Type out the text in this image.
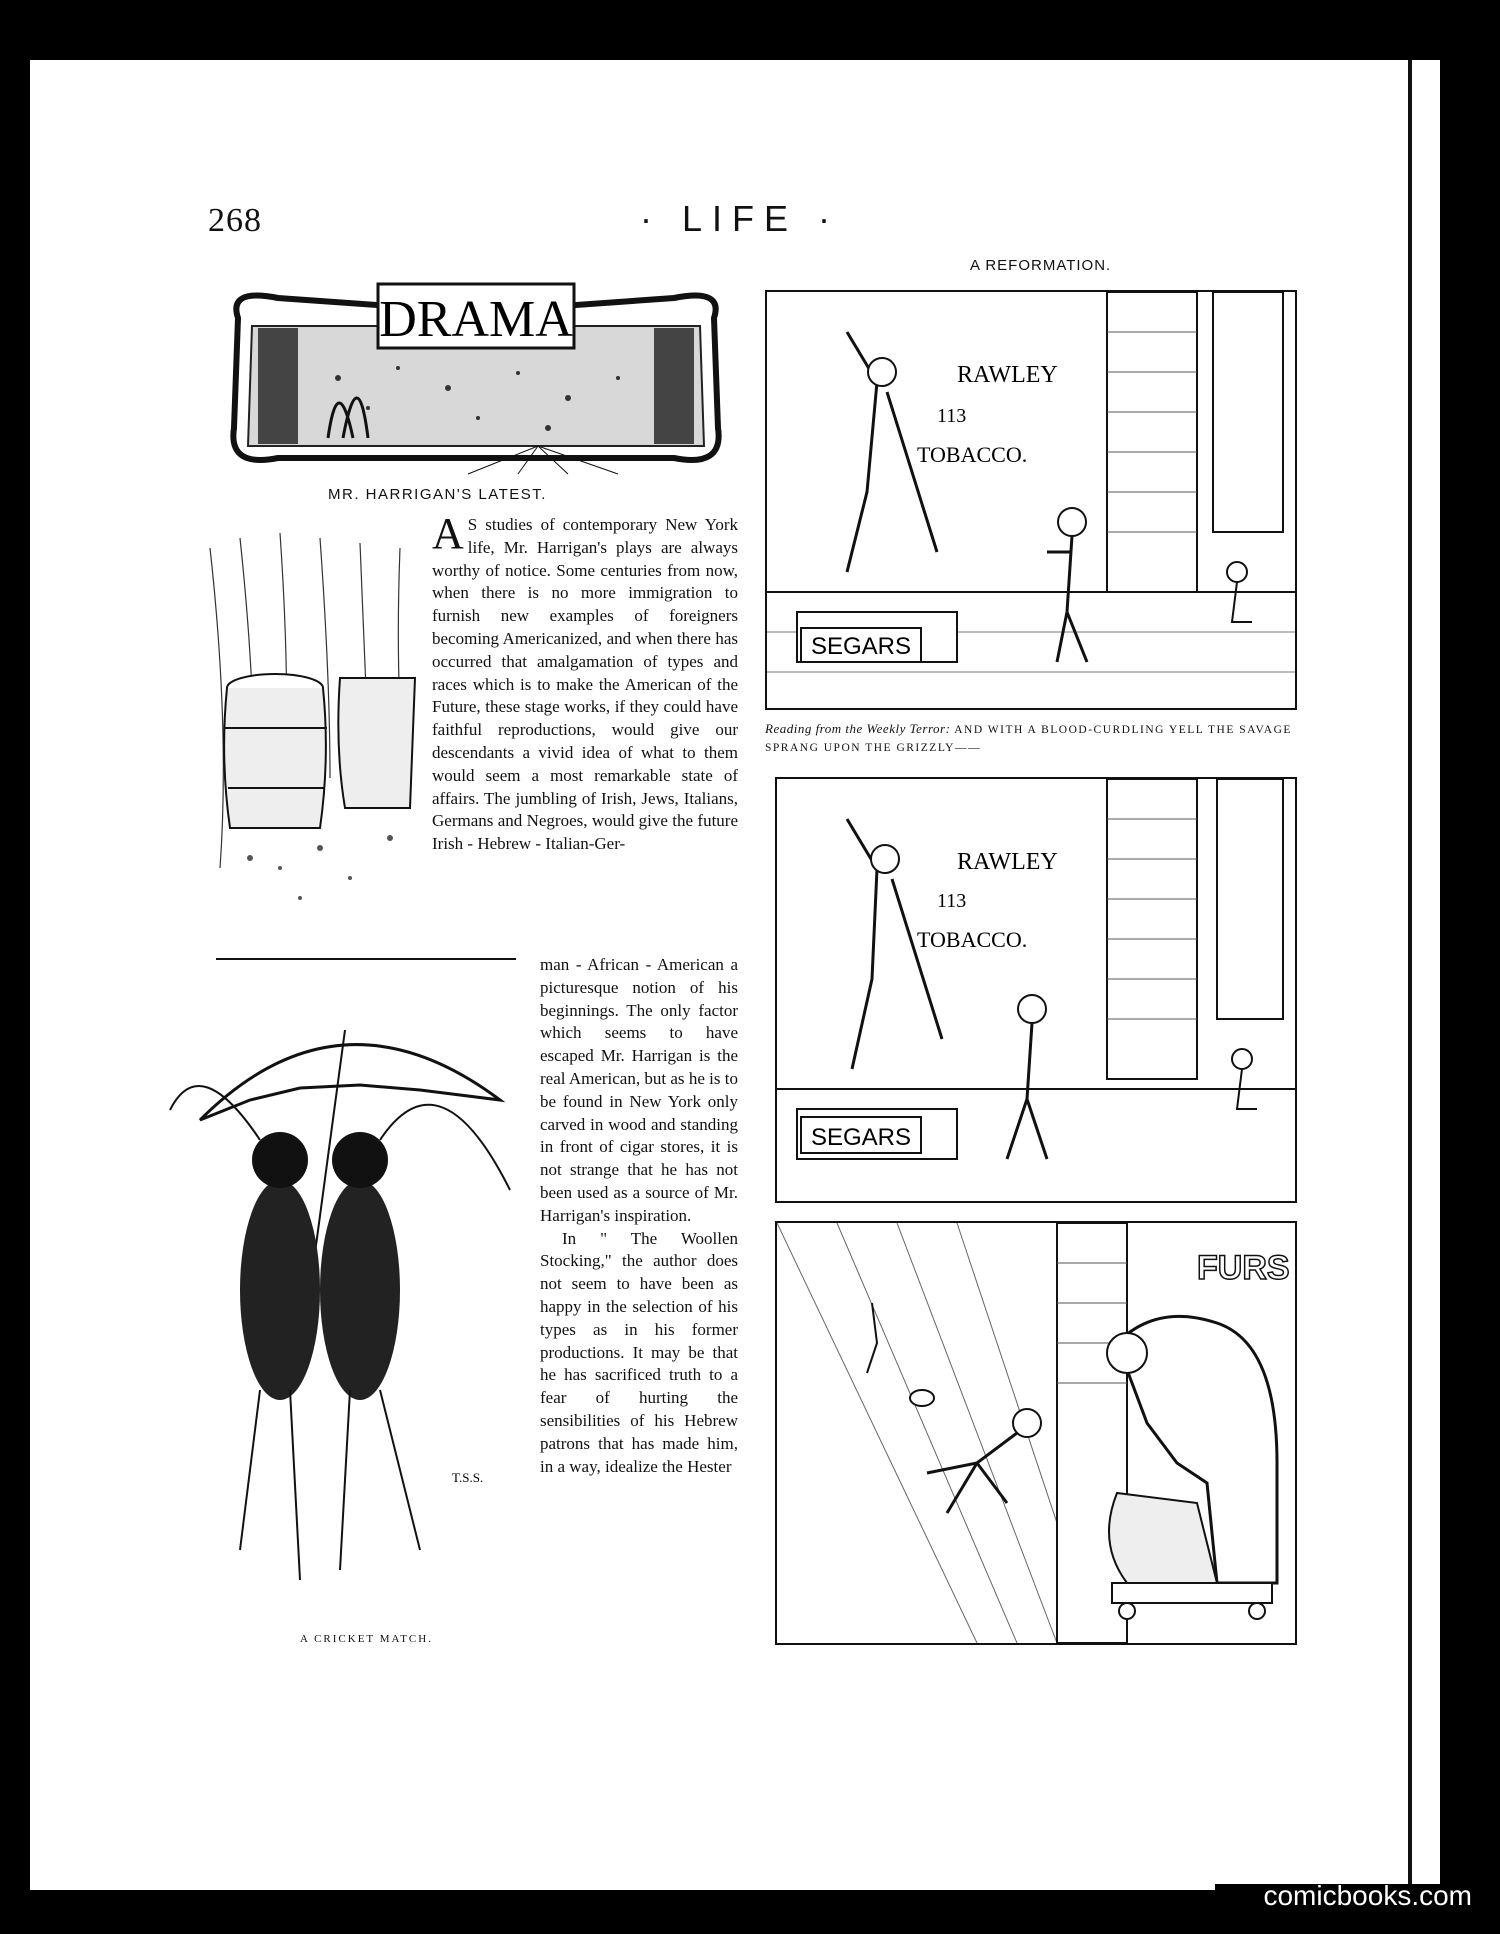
268	· LIFE ·
DRAMA
MR. HARRIGAN'S LATEST.
A S studies of contemporary New York life, Mr. Harrigan's plays are always worthy of notice. Some centuries from now, when there is no more immigration to furnish new examples of foreigners becoming Americanized, and when there has occurred that amalgamation of types and races which is to make the American of the Future, these stage works, if they could have faithful reproductions, would give our descendants a vivid idea of what to them would seem a most remarkable state of affairs. The jumbling of Irish, Jews, Italians, Germans and Negroes, would give the future Irish - Hebrew - Italian-Ger-
T.S.S.
A CRICKET MATCH.

man - African - American a picturesque notion of his beginnings. The only factor which seems to have escaped Mr. Harrigan is the real American, but as he is to be found in New York only carved in wood and standing in front of cigar stores, it is not strange that he has not been used as a source of Mr. Harrigan's inspiration.

In " The Woollen Stocking," the author does not seem to have been as happy in the selection of his types as in his former productions. It may be that he has sacrificed truth to a fear of hurting the sensibilities of his Hebrew patrons that has made him, in a way, idealize the Hester

A REFORMATION.
SEGARS
RAWLEY
113
TOBACCO.
Reading from the Weekly Terror: AND WITH A BLOOD-CURDLING YELL THE SAVAGE SPRANG UPON THE GRIZZLY——
SEGARS
RAWLEY
113
TOBACCO.
FURS
comicbooks.com
